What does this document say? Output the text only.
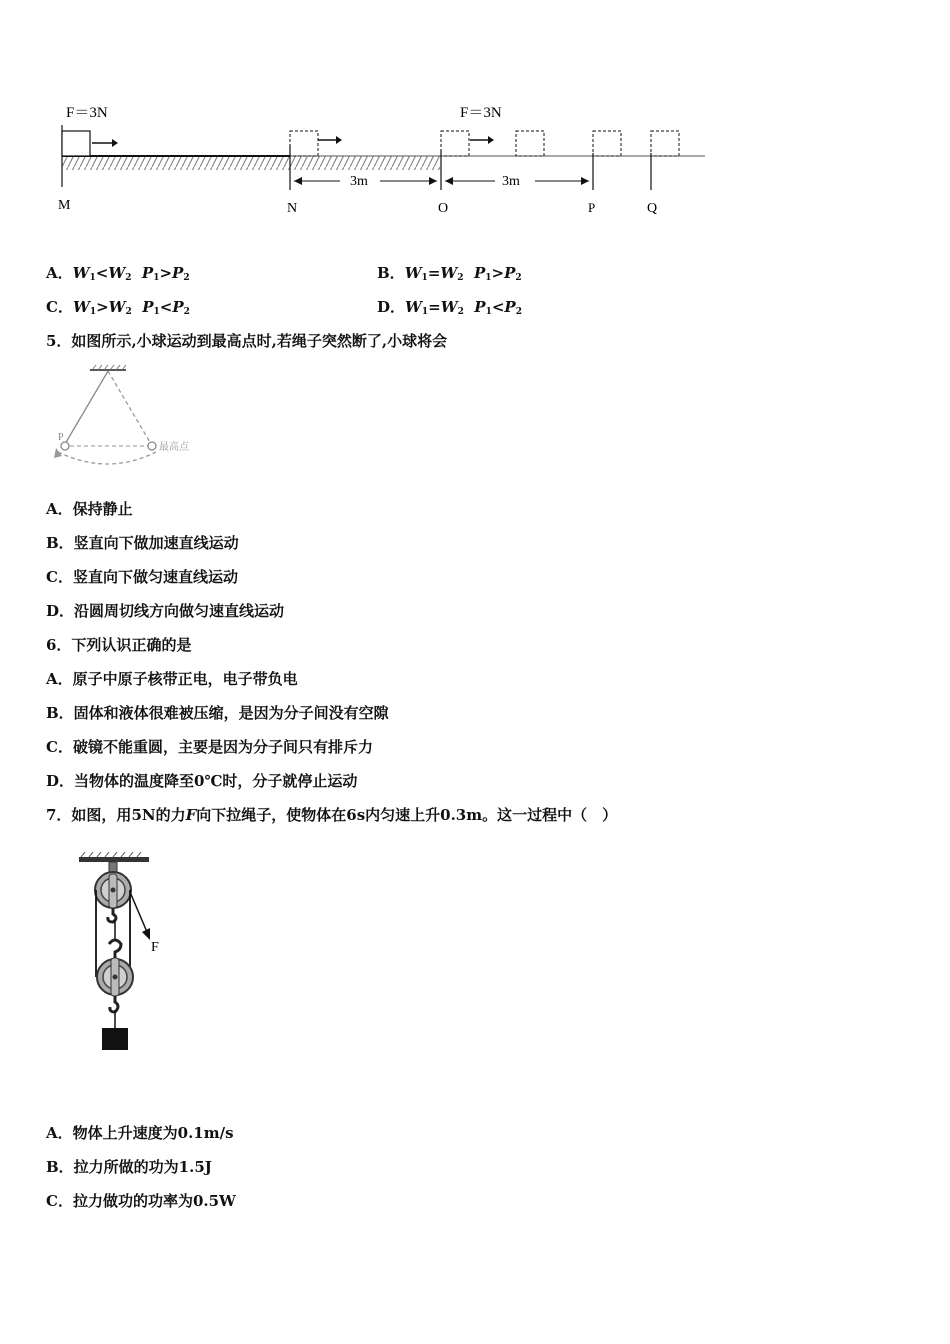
F＝3N	F＝3N
3m	3m
M	N	O	P	Q
A．$W_1<W_2$ $P_1>P_2$	B．$W_1=W_2$ $P_1>P_2$
C．$W_1>W_2$ $P_1<P_2$	D．$W_1=W_2$ $P_1<P_2$
5．如图所示,小球运动到最高点时,若绳子突然断了,小球将会
P
最高点
A．保持静止
B．竖直向下做加速直线运动
C．竖直向下做匀速直线运动
D．沿圆周切线方向做匀速直线运动
6．下列认识正确的是
A．原子中原子核带正电，电子带负电
B．固体和液体很难被压缩，是因为分子间没有空隙
C．破镜不能重圆，主要是因为分子间只有排斥力
D．当物体的温度降至0℃时，分子就停止运动
7．如图，用5N的力F向下拉绳子，使物体在6s内匀速上升0.3m。这一过程中（　）
F
A．物体上升速度为0.1m/s
B．拉力所做的功为1.5J
C．拉力做功的功率为0.5W
